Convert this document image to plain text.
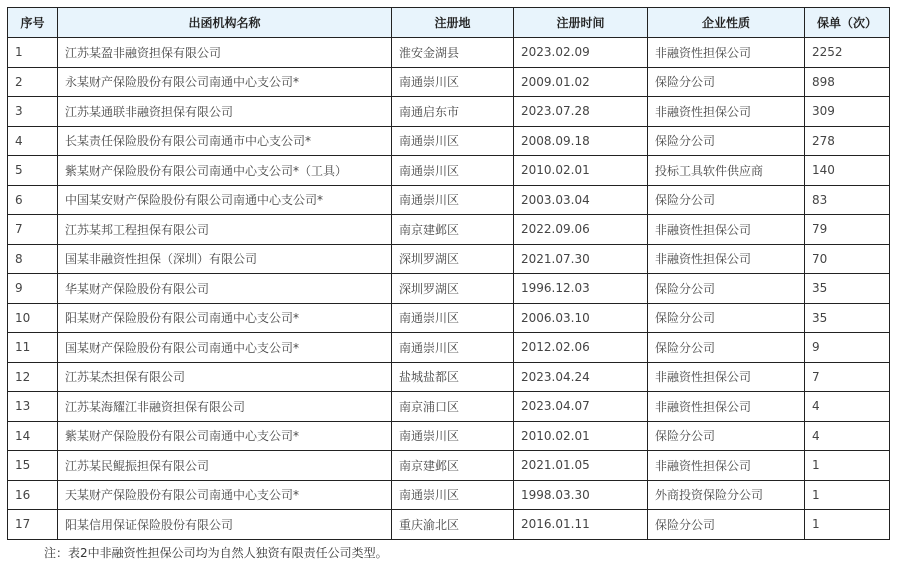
序号	出函机构名称	注册地	注册时间	企业性质	保单（次）
1	江苏某盈非融资担保有限公司	淮安金湖县	2023.02.09	非融资性担保公司	2252
2	永某财产保险股份有限公司南通中心支公司*	南通崇川区	2009.01.02	保险分公司	898
3	江苏某通联非融资担保有限公司	南通启东市	2023.07.28	非融资性担保公司	309
4	长某责任保险股份有限公司南通市中心支公司*	南通崇川区	2008.09.18	保险分公司	278
5	紫某财产保险股份有限公司南通中心支公司*（工具）	南通崇川区	2010.02.01	投标工具软件供应商	140
6	中国某安财产保险股份有限公司南通中心支公司*	南通崇川区	2003.03.04	保险分公司	83
7	江苏某邦工程担保有限公司	南京建邺区	2022.09.06	非融资性担保公司	79
8	国某非融资性担保（深圳）有限公司	深圳罗湖区	2021.07.30	非融资性担保公司	70
9	华某财产保险股份有限公司	深圳罗湖区	1996.12.03	保险分公司	35
10	阳某财产保险股份有限公司南通中心支公司*	南通崇川区	2006.03.10	保险分公司	35
11	国某财产保险股份有限公司南通中心支公司*	南通崇川区	2012.02.06	保险分公司	9
12	江苏某杰担保有限公司	盐城盐都区	2023.04.24	非融资性担保公司	7
13	江苏某海耀江非融资担保有限公司	南京浦口区	2023.04.07	非融资性担保公司	4
14	紫某财产保险股份有限公司南通中心支公司*	南通崇川区	2010.02.01	保险分公司	4
15	江苏某民鲲振担保有限公司	南京建邺区	2021.01.05	非融资性担保公司	1
16	天某财产保险股份有限公司南通中心支公司*	南通崇川区	1998.03.30	外商投资保险分公司	1
17	阳某信用保证保险股份有限公司	重庆渝北区	2016.01.11	保险分公司	1
注：表2中非融资性担保公司均为自然人独资有限责任公司类型。
